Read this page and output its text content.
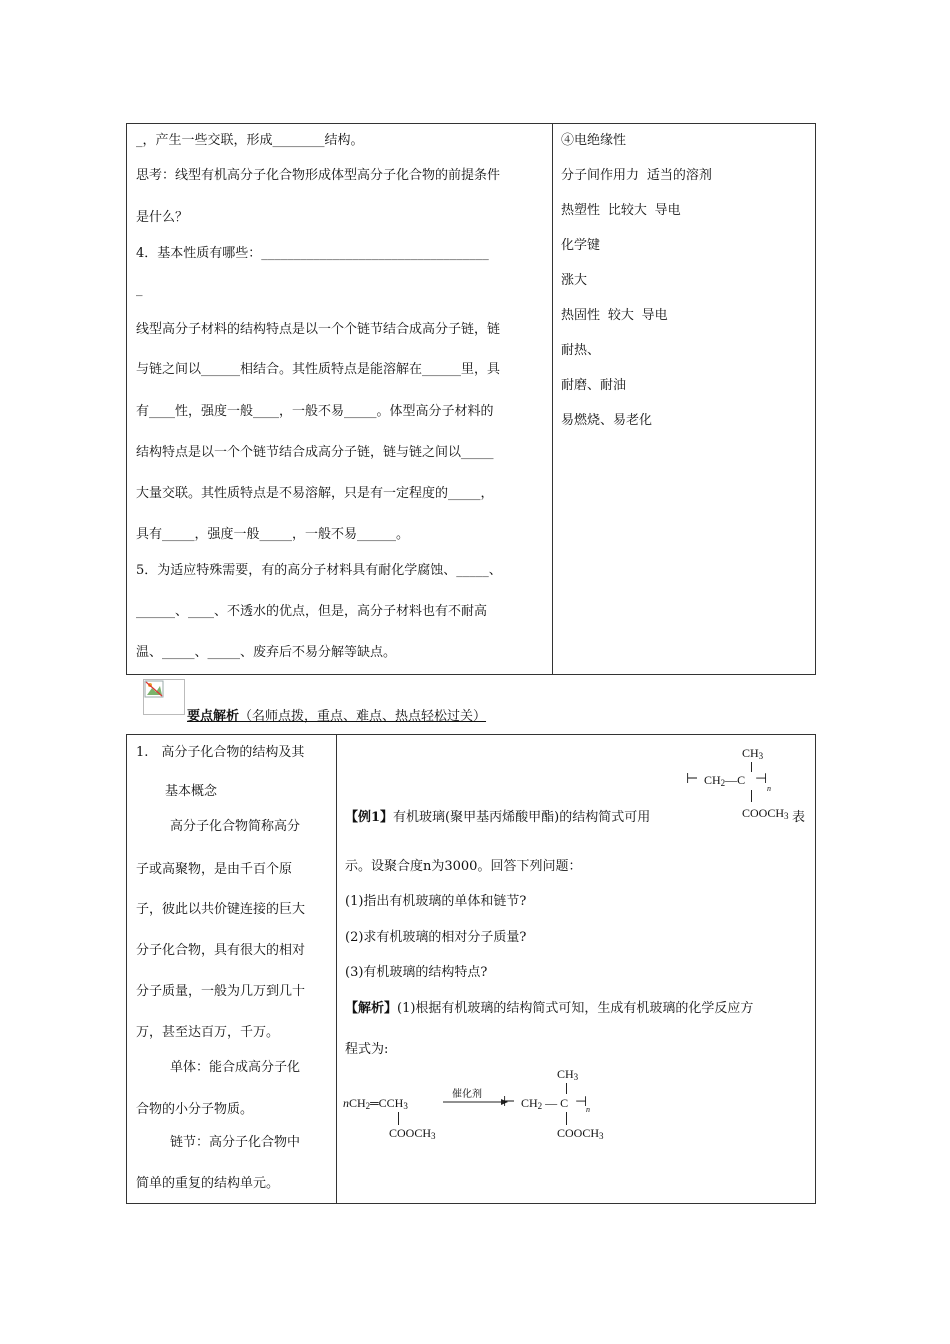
_，产生一些交联，形成________结构。
思考：线型有机高分子化合物形成体型高分子化合物的前提条件
是什么？
4．基本性质有哪些：___________________________________
_
线型高分子材料的结构特点是以一个个链节结合成高分子链，链
与链之间以______相结合。其性质特点是能溶解在______里，具
有____性，强度一般____，一般不易_____。体型高分子材料的
结构特点是以一个个链节结合成高分子链，链与链之间以_____
大量交联。其性质特点是不易溶解，只是有一定程度的_____，
具有_____，强度一般_____，一般不易______。
5．为适应特殊需要，有的高分子材料具有耐化学腐蚀、_____、
______、____、不透水的优点，但是，高分子材料也有不耐高
温、_____、_____、废弃后不易分解等缺点。
④电绝缘性
分子间作用力 适当的溶剂
热塑性 比较大 导电
化学键
涨大
热固性 较大 导电
耐热、
耐磨、耐油
易燃烧、易老化
要点解析（名师点拨，重点、难点、热点轻松过关）
1.　高分子化合物的结构及其
基本概念
高分子化合物简称高分
子或高聚物，是由千百个原
子，彼此以共价键连接的巨大
分子化合物，具有很大的相对
分子质量，一般为几万到几十
万，甚至达百万，千万。
单体：能合成高分子化
合物的小分子物质。
链节：高分子化合物中
简单的重复的结构单元。
$CH_3$
⊢ $CH_2—C$ ⊣
n
$COOCH_3$ 表
【例1】有机玻璃(聚甲基丙烯酸甲酯)的结构简式可用
示。设聚合度n为3000。回答下列问题：
(1)指出有机玻璃的单体和链节?
(2)求有机玻璃的相对分子质量?
(3)有机玻璃的结构特点?
【解析】(1)根据有机玻璃的结构简式可知，生成有机玻璃的化学反应方
程式为:
$nCH_2═CCH_3$
$COOCH_3$
催化剂
$CH_3$
⊢ $CH_2$ — C ⊣
n
$COOCH_3$
